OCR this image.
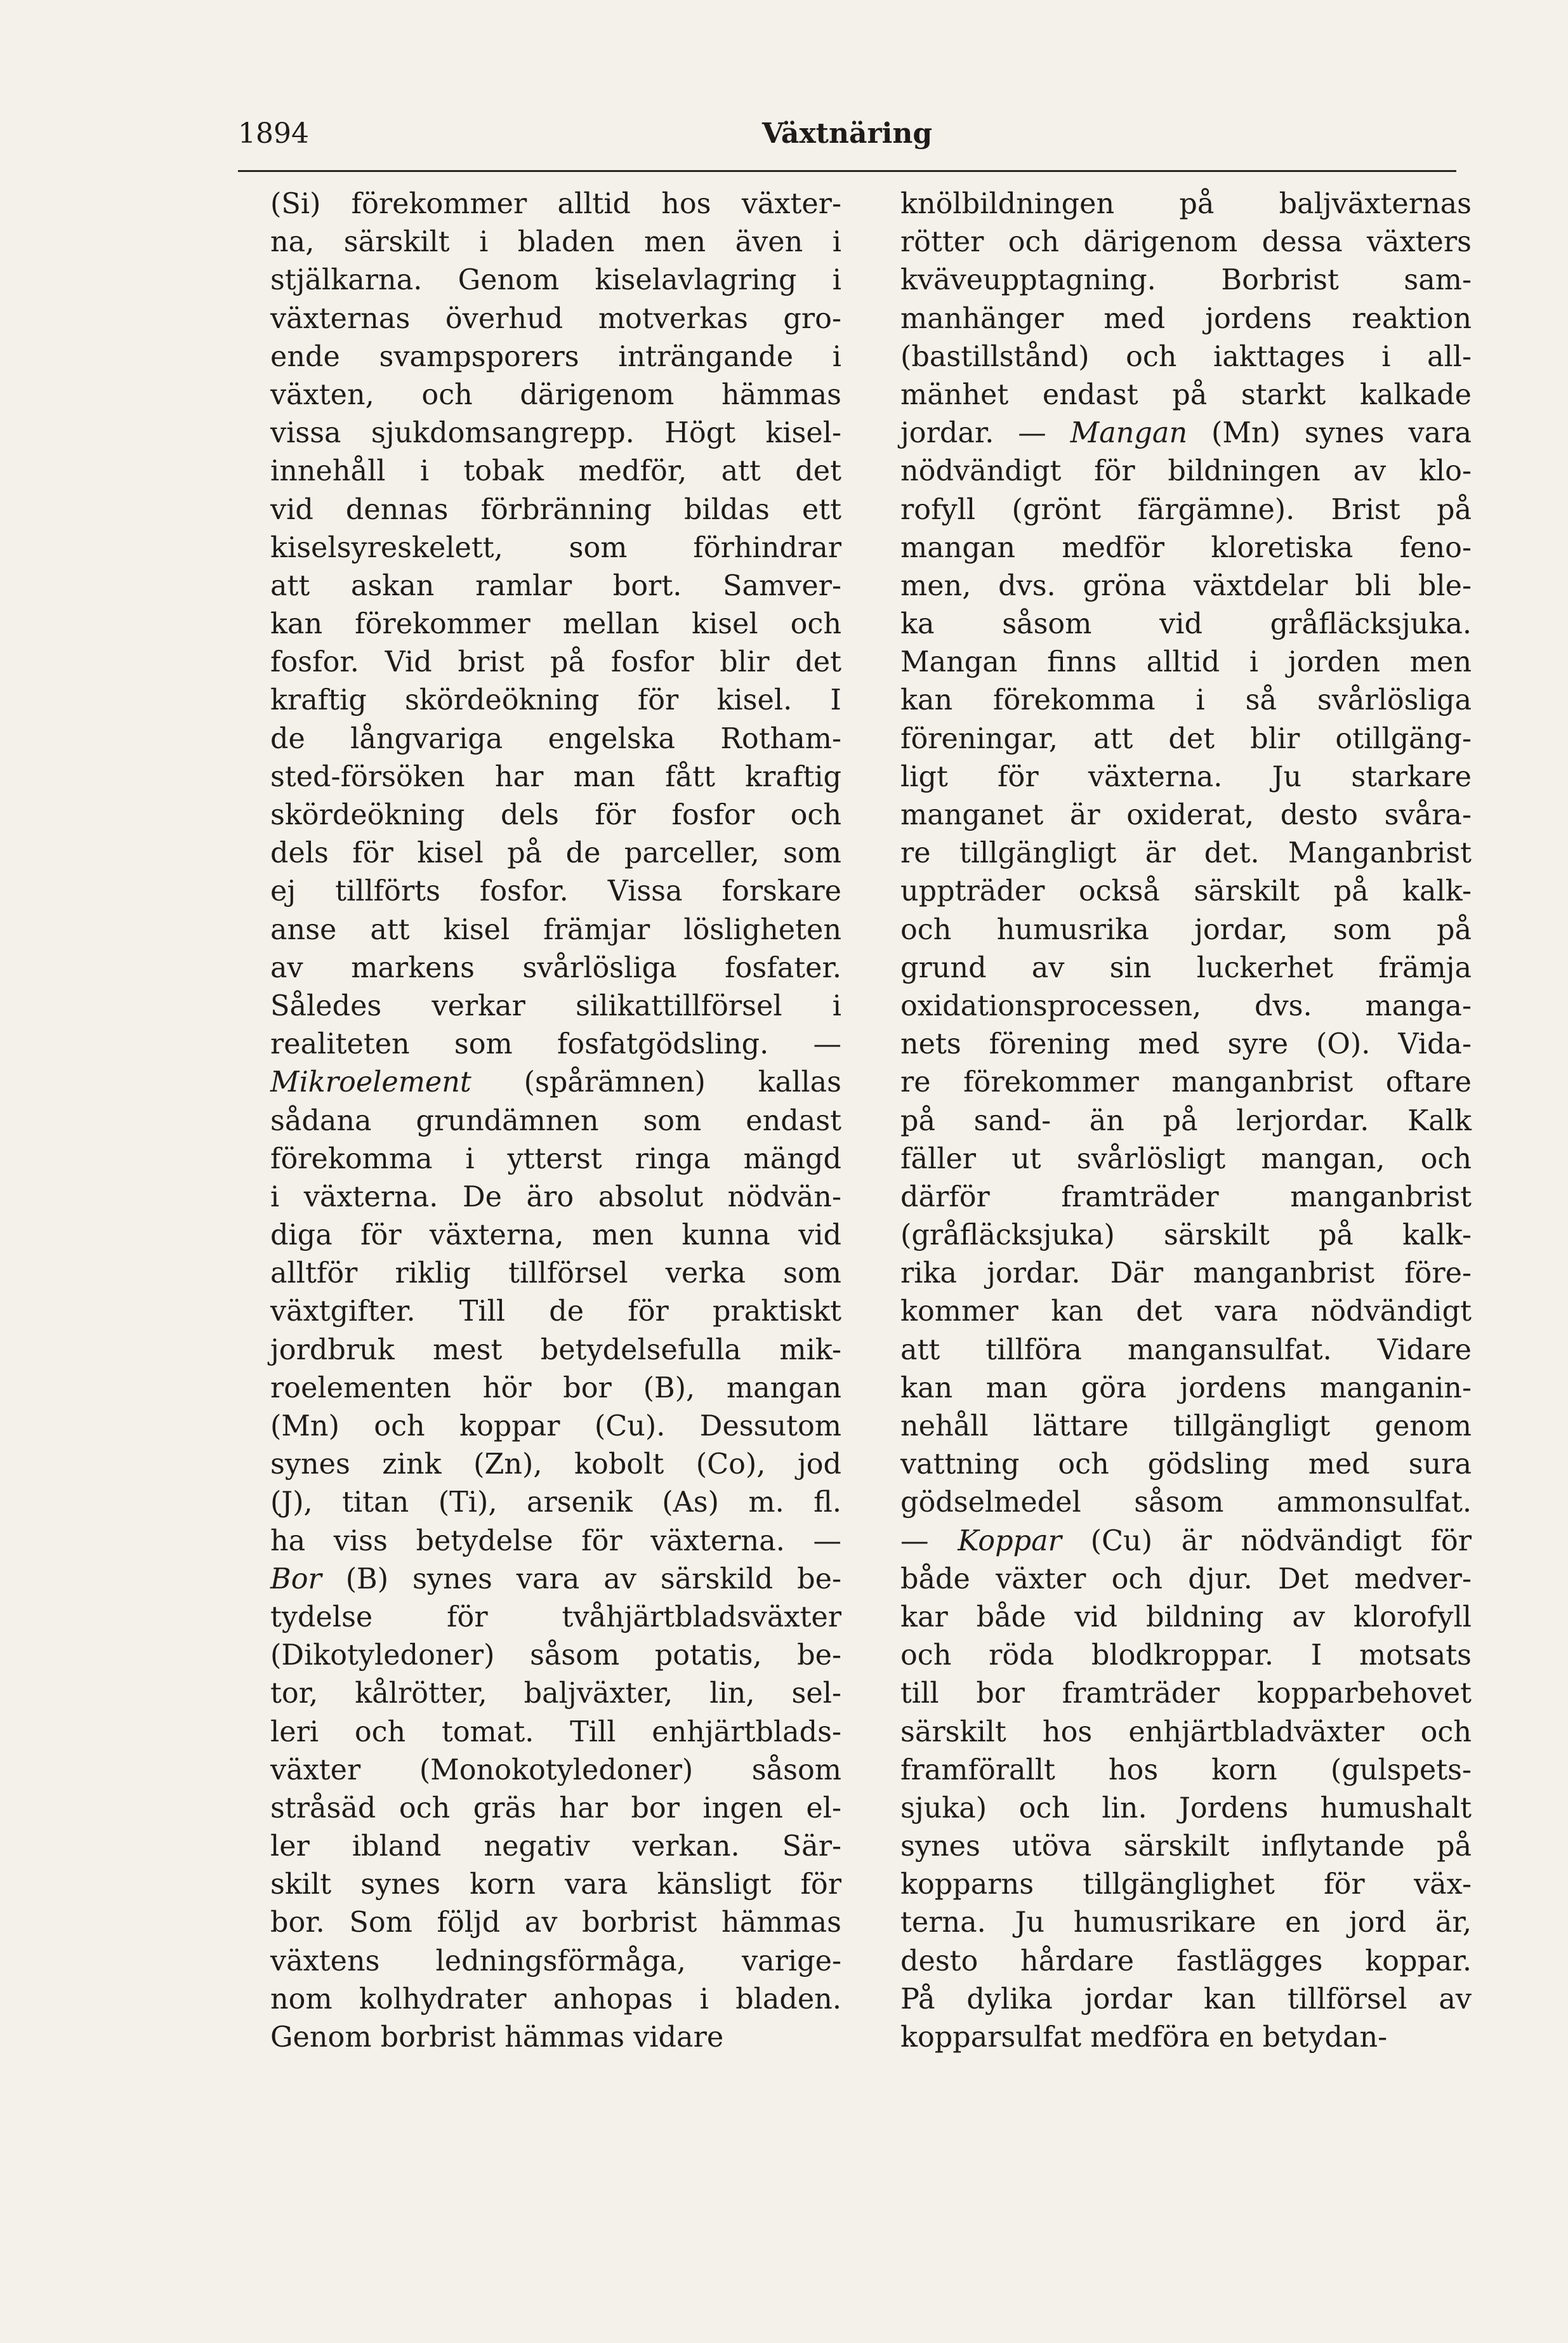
1894	Växtnäring
(Si) förekommer alltid hos växter-
na, särskilt i bladen men även i
stjälkarna. Genom kiselavlagring i
växternas överhud motverkas gro-
ende svampsporers inträngande i
växten, och därigenom hämmas
vissa sjukdomsangrepp. Högt kisel-
innehåll i tobak medför, att det
vid dennas förbränning bildas ett
kiselsyreskelett, som förhindrar
att askan ramlar bort. Samver-
kan förekommer mellan kisel och
fosfor. Vid brist på fosfor blir det
kraftig skördeökning för kisel. I
de långvariga engelska Rotham-
sted-försöken har man fått kraftig
skördeökning dels för fosfor och
dels för kisel på de parceller, som
ej tillförts fosfor. Vissa forskare
anse att kisel främjar lösligheten
av markens svårlösliga fosfater.
Således verkar silikattillförsel i
realiteten som fosfatgödsling. —
Mikroelement (spårämnen) kallas
sådana grundämnen som endast
förekomma i ytterst ringa mängd
i växterna. De äro absolut nödvän-
diga för växterna, men kunna vid
alltför riklig tillförsel verka som
växtgifter. Till de för praktiskt
jordbruk mest betydelsefulla mik-
roelementen hör bor (B), mangan
(Mn) och koppar (Cu). Dessutom
synes zink (Zn), kobolt (Co), jod
(J), titan (Ti), arsenik (As) m. fl.
ha viss betydelse för växterna. —
Bor (B) synes vara av särskild be-
tydelse för tvåhjärtbladsväxter
(Dikotyledoner) såsom potatis, be-
tor, kålrötter, baljväxter, lin, sel-
leri och tomat. Till enhjärtblads-
växter (Monokotyledoner) såsom
stråsäd och gräs har bor ingen el-
ler ibland negativ verkan. Sär-
skilt synes korn vara känsligt för
bor. Som följd av borbrist hämmas
växtens ledningsförmåga, varige-
nom kolhydrater anhopas i bladen.
Genom borbrist hämmas vidare
knölbildningen på baljväxternas
rötter och därigenom dessa växters
kväveupptagning. Borbrist sam-
manhänger med jordens reaktion
(bastillstånd) och iakttages i all-
mänhet endast på starkt kalkade
jordar. — Mangan (Mn) synes vara
nödvändigt för bildningen av klo-
rofyll (grönt färgämne). Brist på
mangan medför kloretiska feno-
men, dvs. gröna växtdelar bli ble-
ka såsom vid gråfläcksjuka.
Mangan finns alltid i jorden men
kan förekomma i så svårlösliga
föreningar, att det blir otillgäng-
ligt för växterna. Ju starkare
manganet är oxiderat, desto svåra-
re tillgängligt är det. Manganbrist
uppträder också särskilt på kalk-
och humusrika jordar, som på
grund av sin luckerhet främja
oxidationsprocessen, dvs. manga-
nets förening med syre (O). Vida-
re förekommer manganbrist oftare
på sand- än på lerjordar. Kalk
fäller ut svårlösligt mangan, och
därför framträder manganbrist
(gråfläcksjuka) särskilt på kalk-
rika jordar. Där manganbrist före-
kommer kan det vara nödvändigt
att tillföra mangansulfat. Vidare
kan man göra jordens manganin-
nehåll lättare tillgängligt genom
vattning och gödsling med sura
gödselmedel såsom ammonsulfat.
— Koppar (Cu) är nödvändigt för
både växter och djur. Det medver-
kar både vid bildning av klorofyll
och röda blodkroppar. I motsats
till bor framträder kopparbehovet
särskilt hos enhjärtbladväxter och
framförallt hos korn (gulspets-
sjuka) och lin. Jordens humushalt
synes utöva särskilt inflytande på
kopparns tillgänglighet för väx-
terna. Ju humusrikare en jord är,
desto hårdare fastlägges koppar.
På dylika jordar kan tillförsel av
kopparsulfat medföra en betydan-
